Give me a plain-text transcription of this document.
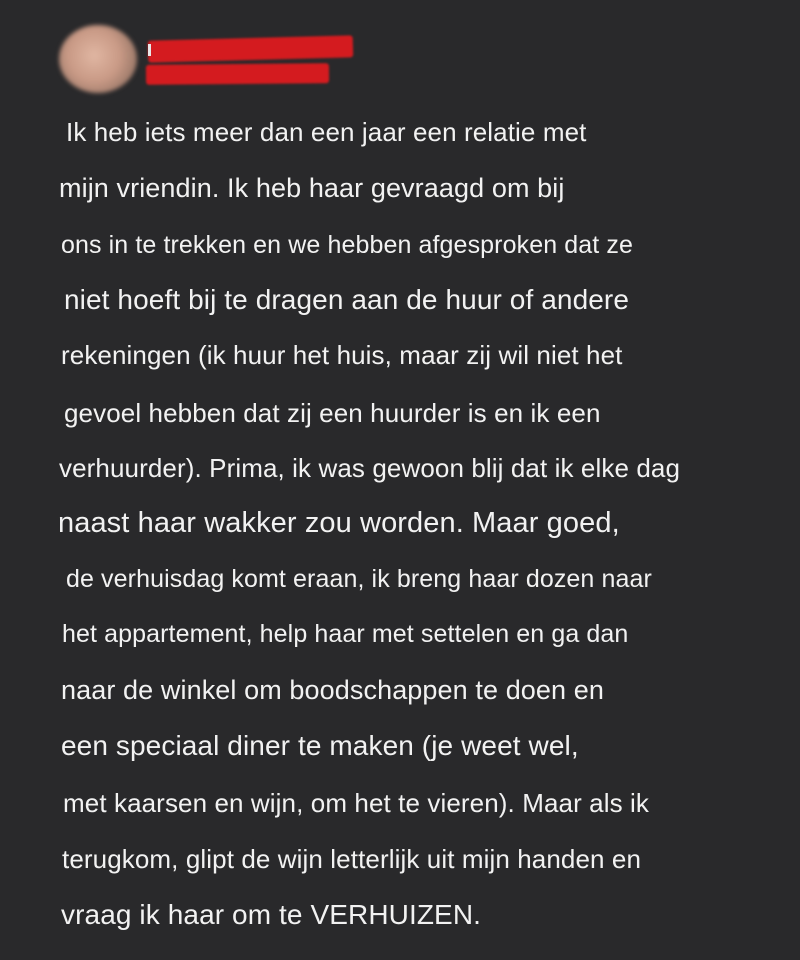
Ik heb iets meer dan een jaar een relatie met
mijn vriendin. Ik heb haar gevraagd om bij
ons in te trekken en we hebben afgesproken dat ze
niet hoeft bij te dragen aan de huur of andere
rekeningen (ik huur het huis, maar zij wil niet het
gevoel hebben dat zij een huurder is en ik een
verhuurder). Prima, ik was gewoon blij dat ik elke dag
naast haar wakker zou worden. Maar goed,
de verhuisdag komt eraan, ik breng haar dozen naar
het appartement, help haar met settelen en ga dan
naar de winkel om boodschappen te doen en
een speciaal diner te maken (je weet wel,
met kaarsen en wijn, om het te vieren). Maar als ik
terugkom, glipt de wijn letterlijk uit mijn handen en
vraag ik haar om te VERHUIZEN.
